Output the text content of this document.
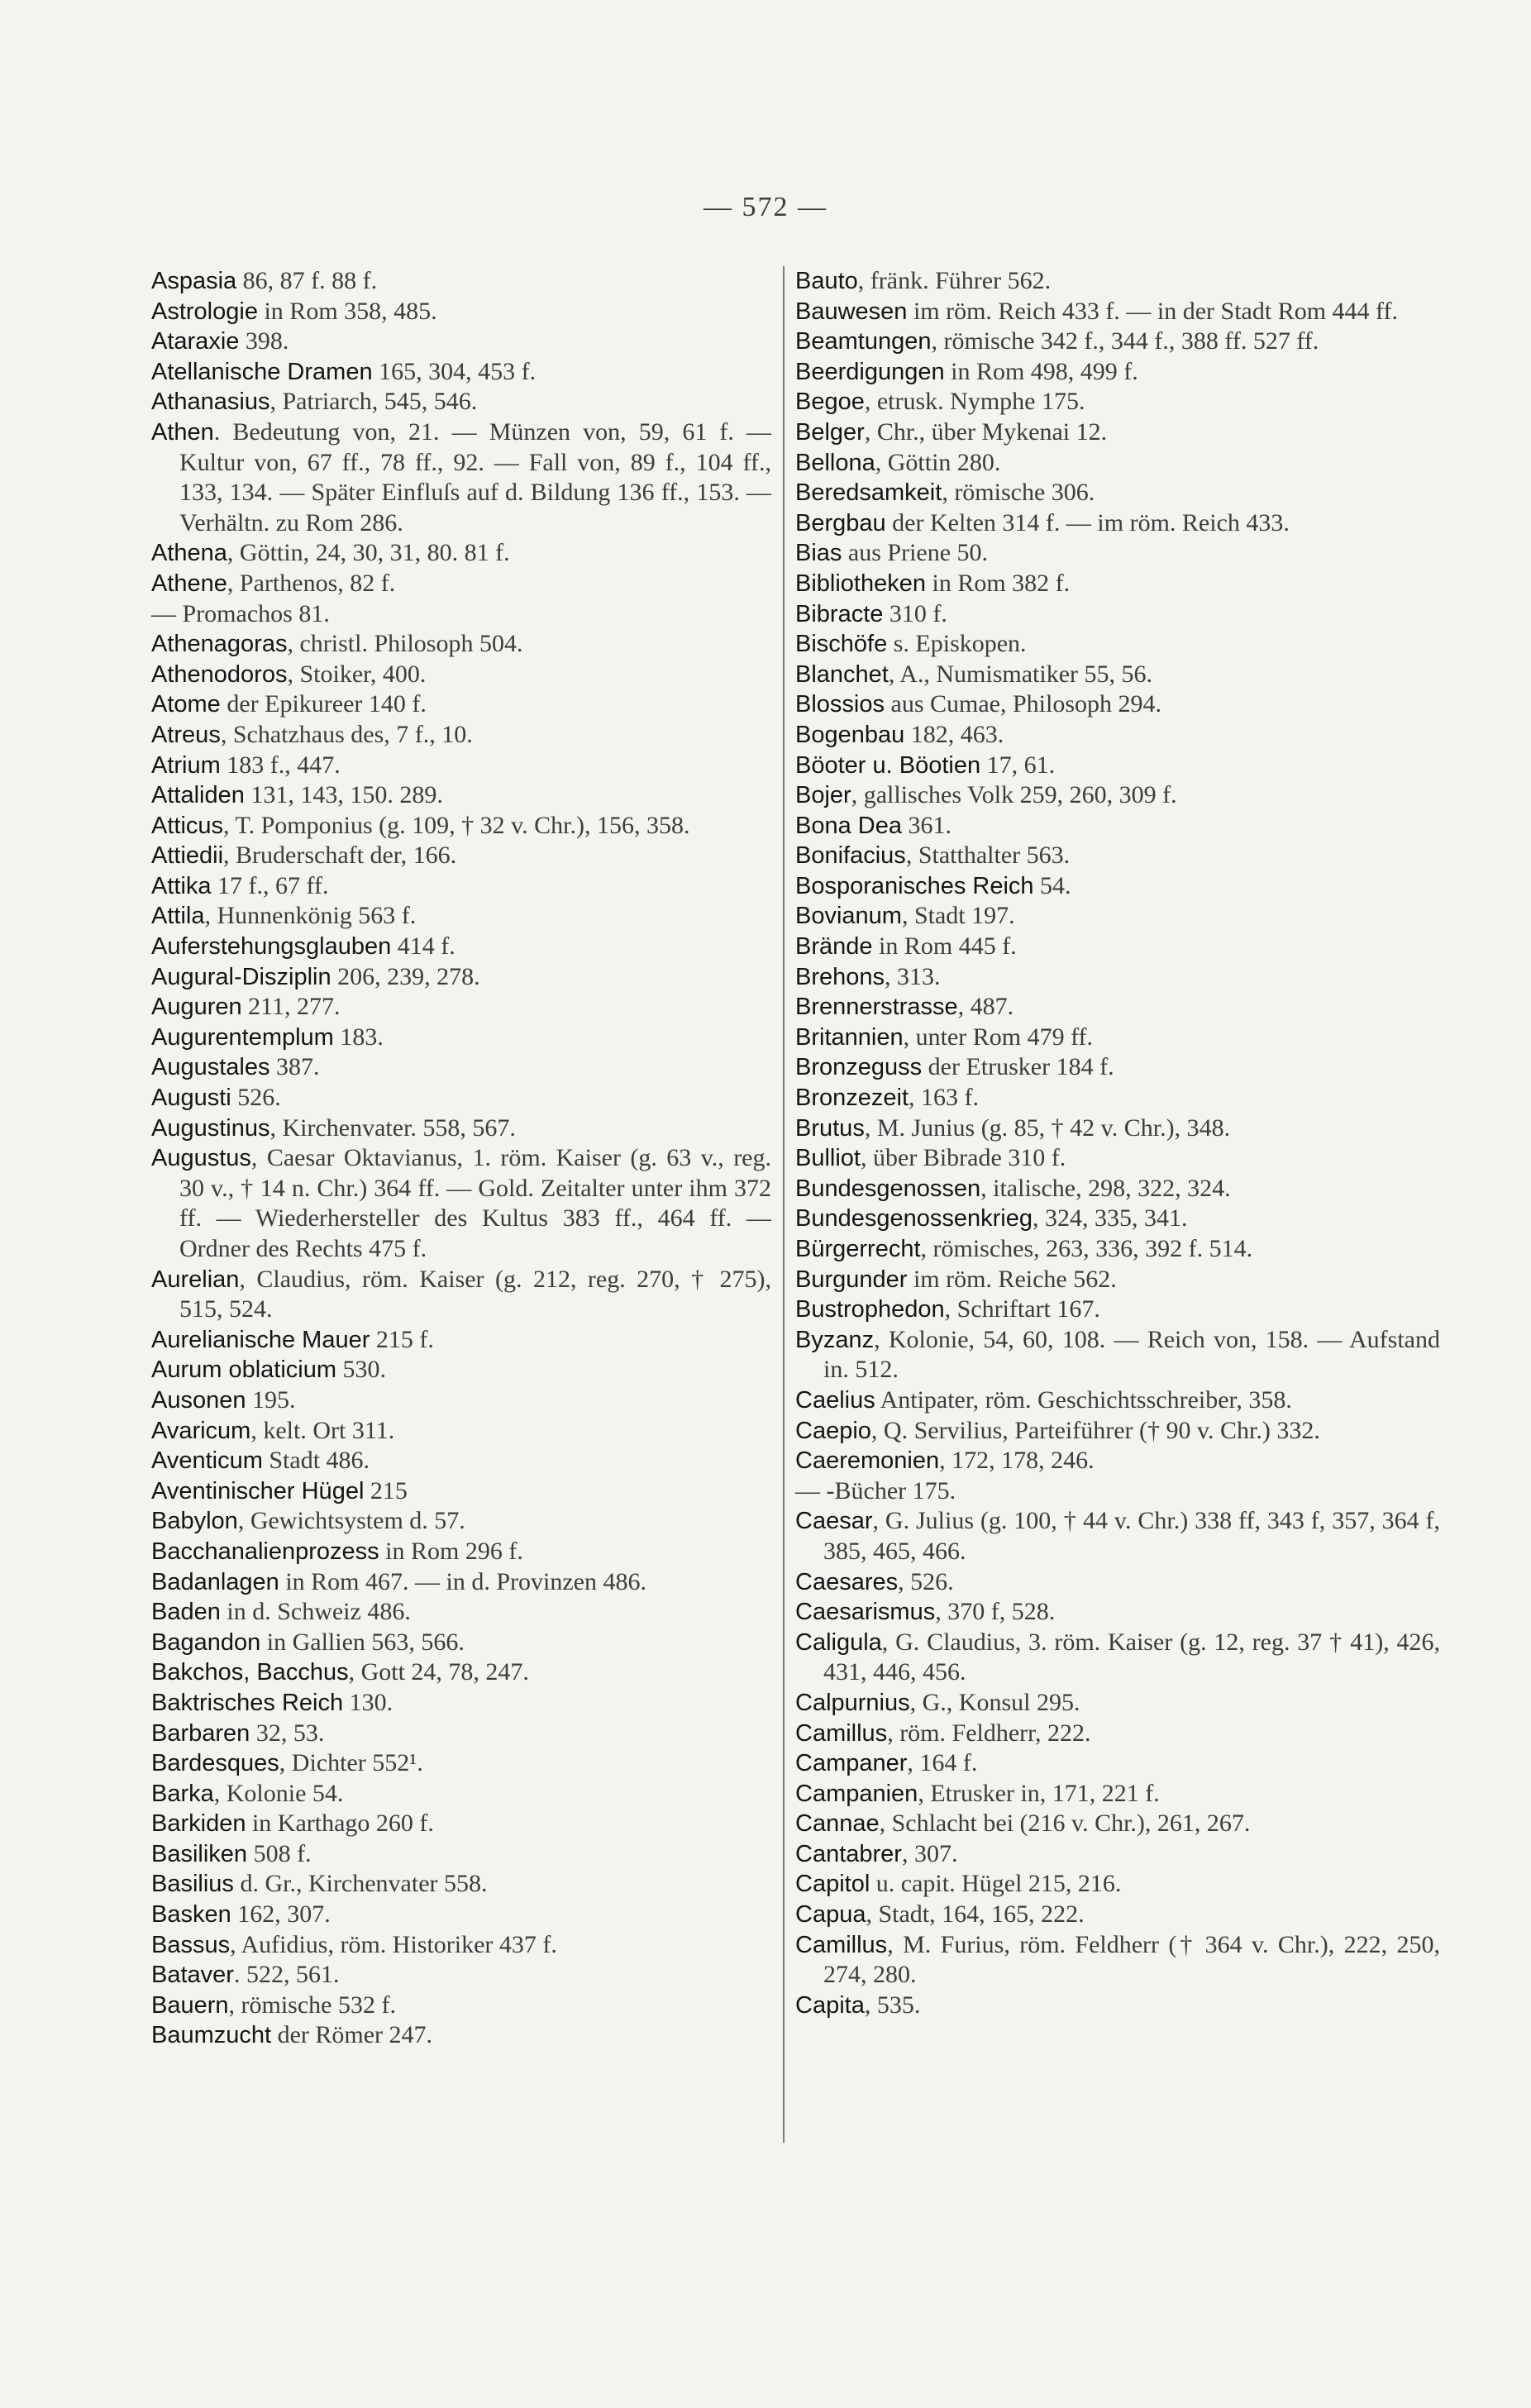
— 572 —
Aspasia 86, 87 f. 88 f.
Astrologie in Rom 358, 485.
Ataraxie 398.
Atellanische Dramen 165, 304, 453 f.
Athanasius, Patriarch, 545, 546.
Athen. Bedeutung von, 21. — Münzen von, 59, 61 f. — Kultur von, 67 ff., 78 ff., 92. — Fall von, 89 f., 104 ff., 133, 134. — Später Einfluſs auf d. Bildung 136 ff., 153. — Verhältn. zu Rom 286.
Athena, Göttin, 24, 30, 31, 80. 81 f.
Athene, Parthenos, 82 f.
— Promachos 81.
Athenagoras, christl. Philosoph 504.
Athenodoros, Stoiker, 400.
Atome der Epikureer 140 f.
Atreus, Schatzhaus des, 7 f., 10.
Atrium 183 f., 447.
Attaliden 131, 143, 150. 289.
Atticus, T. Pomponius (g. 109, † 32 v. Chr.), 156, 358.
Attiedii, Bruderschaft der, 166.
Attika 17 f., 67 ff.
Attila, Hunnenkönig 563 f.
Auferstehungsglauben 414 f.
Augural-Disziplin 206, 239, 278.
Auguren 211, 277.
Augurentemplum 183.
Augustales 387.
Augusti 526.
Augustinus, Kirchenvater. 558, 567.
Augustus, Caesar Oktavianus, 1. röm. Kaiser (g. 63 v., reg. 30 v., † 14 n. Chr.) 364 ff. — Gold. Zeitalter unter ihm 372 ff. — Wiederhersteller des Kultus 383 ff., 464 ff. — Ordner des Rechts 475 f.
Aurelian, Claudius, röm. Kaiser (g. 212, reg. 270, † 275), 515, 524.
Aurelianische Mauer 215 f.
Aurum oblaticium 530.
Ausonen 195.
Avaricum, kelt. Ort 311.
Aventicum Stadt 486.
Aventinischer Hügel 215
Babylon, Gewichtsystem d. 57.
Bacchanalienprozess in Rom 296 f.
Badanlagen in Rom 467. — in d. Provinzen 486.
Baden in d. Schweiz 486.
Bagandon in Gallien 563, 566.
Bakchos, Bacchus, Gott 24, 78, 247.
Baktrisches Reich 130.
Barbaren 32, 53.
Bardesques, Dichter 552¹.
Barka, Kolonie 54.
Barkiden in Karthago 260 f.
Basiliken 508 f.
Basilius d. Gr., Kirchenvater 558.
Basken 162, 307.
Bassus, Aufidius, röm. Historiker 437 f.
Bataver. 522, 561.
Bauern, römische 532 f.
Baumzucht der Römer 247.
Bauto, fränk. Führer 562.
Bauwesen im röm. Reich 433 f. — in der Stadt Rom 444 ff.
Beamtungen, römische 342 f., 344 f., 388 ff. 527 ff.
Beerdigungen in Rom 498, 499 f.
Begoe, etrusk. Nymphe 175.
Belger, Chr., über Mykenai 12.
Bellona, Göttin 280.
Beredsamkeit, römische 306.
Bergbau der Kelten 314 f. — im röm. Reich 433.
Bias aus Priene 50.
Bibliotheken in Rom 382 f.
Bibracte 310 f.
Bischöfe s. Episkopen.
Blanchet, A., Numismatiker 55, 56.
Blossios aus Cumae, Philosoph 294.
Bogenbau 182, 463.
Böoter u. Böotien 17, 61.
Bojer, gallisches Volk 259, 260, 309 f.
Bona Dea 361.
Bonifacius, Statthalter 563.
Bosporanisches Reich 54.
Bovianum, Stadt 197.
Brände in Rom 445 f.
Brehons, 313.
Brennerstrasse, 487.
Britannien, unter Rom 479 ff.
Bronzeguss der Etrusker 184 f.
Bronzezeit, 163 f.
Brutus, M. Junius (g. 85, † 42 v. Chr.), 348.
Bulliot, über Bibrade 310 f.
Bundesgenossen, italische, 298, 322, 324.
Bundesgenossenkrieg, 324, 335, 341.
Bürgerrecht, römisches, 263, 336, 392 f. 514.
Burgunder im röm. Reiche 562.
Bustrophedon, Schriftart 167.
Byzanz, Kolonie, 54, 60, 108. — Reich von, 158. — Aufstand in. 512.
Caelius Antipater, röm. Geschichtsschreiber, 358.
Caepio, Q. Servilius, Parteiführer († 90 v. Chr.) 332.
Caeremonien, 172, 178, 246.
— -Bücher 175.
Caesar, G. Julius (g. 100, † 44 v. Chr.) 338 ff, 343 f, 357, 364 f, 385, 465, 466.
Caesares, 526.
Caesarismus, 370 f, 528.
Caligula, G. Claudius, 3. röm. Kaiser (g. 12, reg. 37 † 41), 426, 431, 446, 456.
Calpurnius, G., Konsul 295.
Camillus, röm. Feldherr, 222.
Campaner, 164 f.
Campanien, Etrusker in, 171, 221 f.
Cannae, Schlacht bei (216 v. Chr.), 261, 267.
Cantabrer, 307.
Capitol u. capit. Hügel 215, 216.
Capua, Stadt, 164, 165, 222.
Camillus, M. Furius, röm. Feldherr († 364 v. Chr.), 222, 250, 274, 280.
Capita, 535.
